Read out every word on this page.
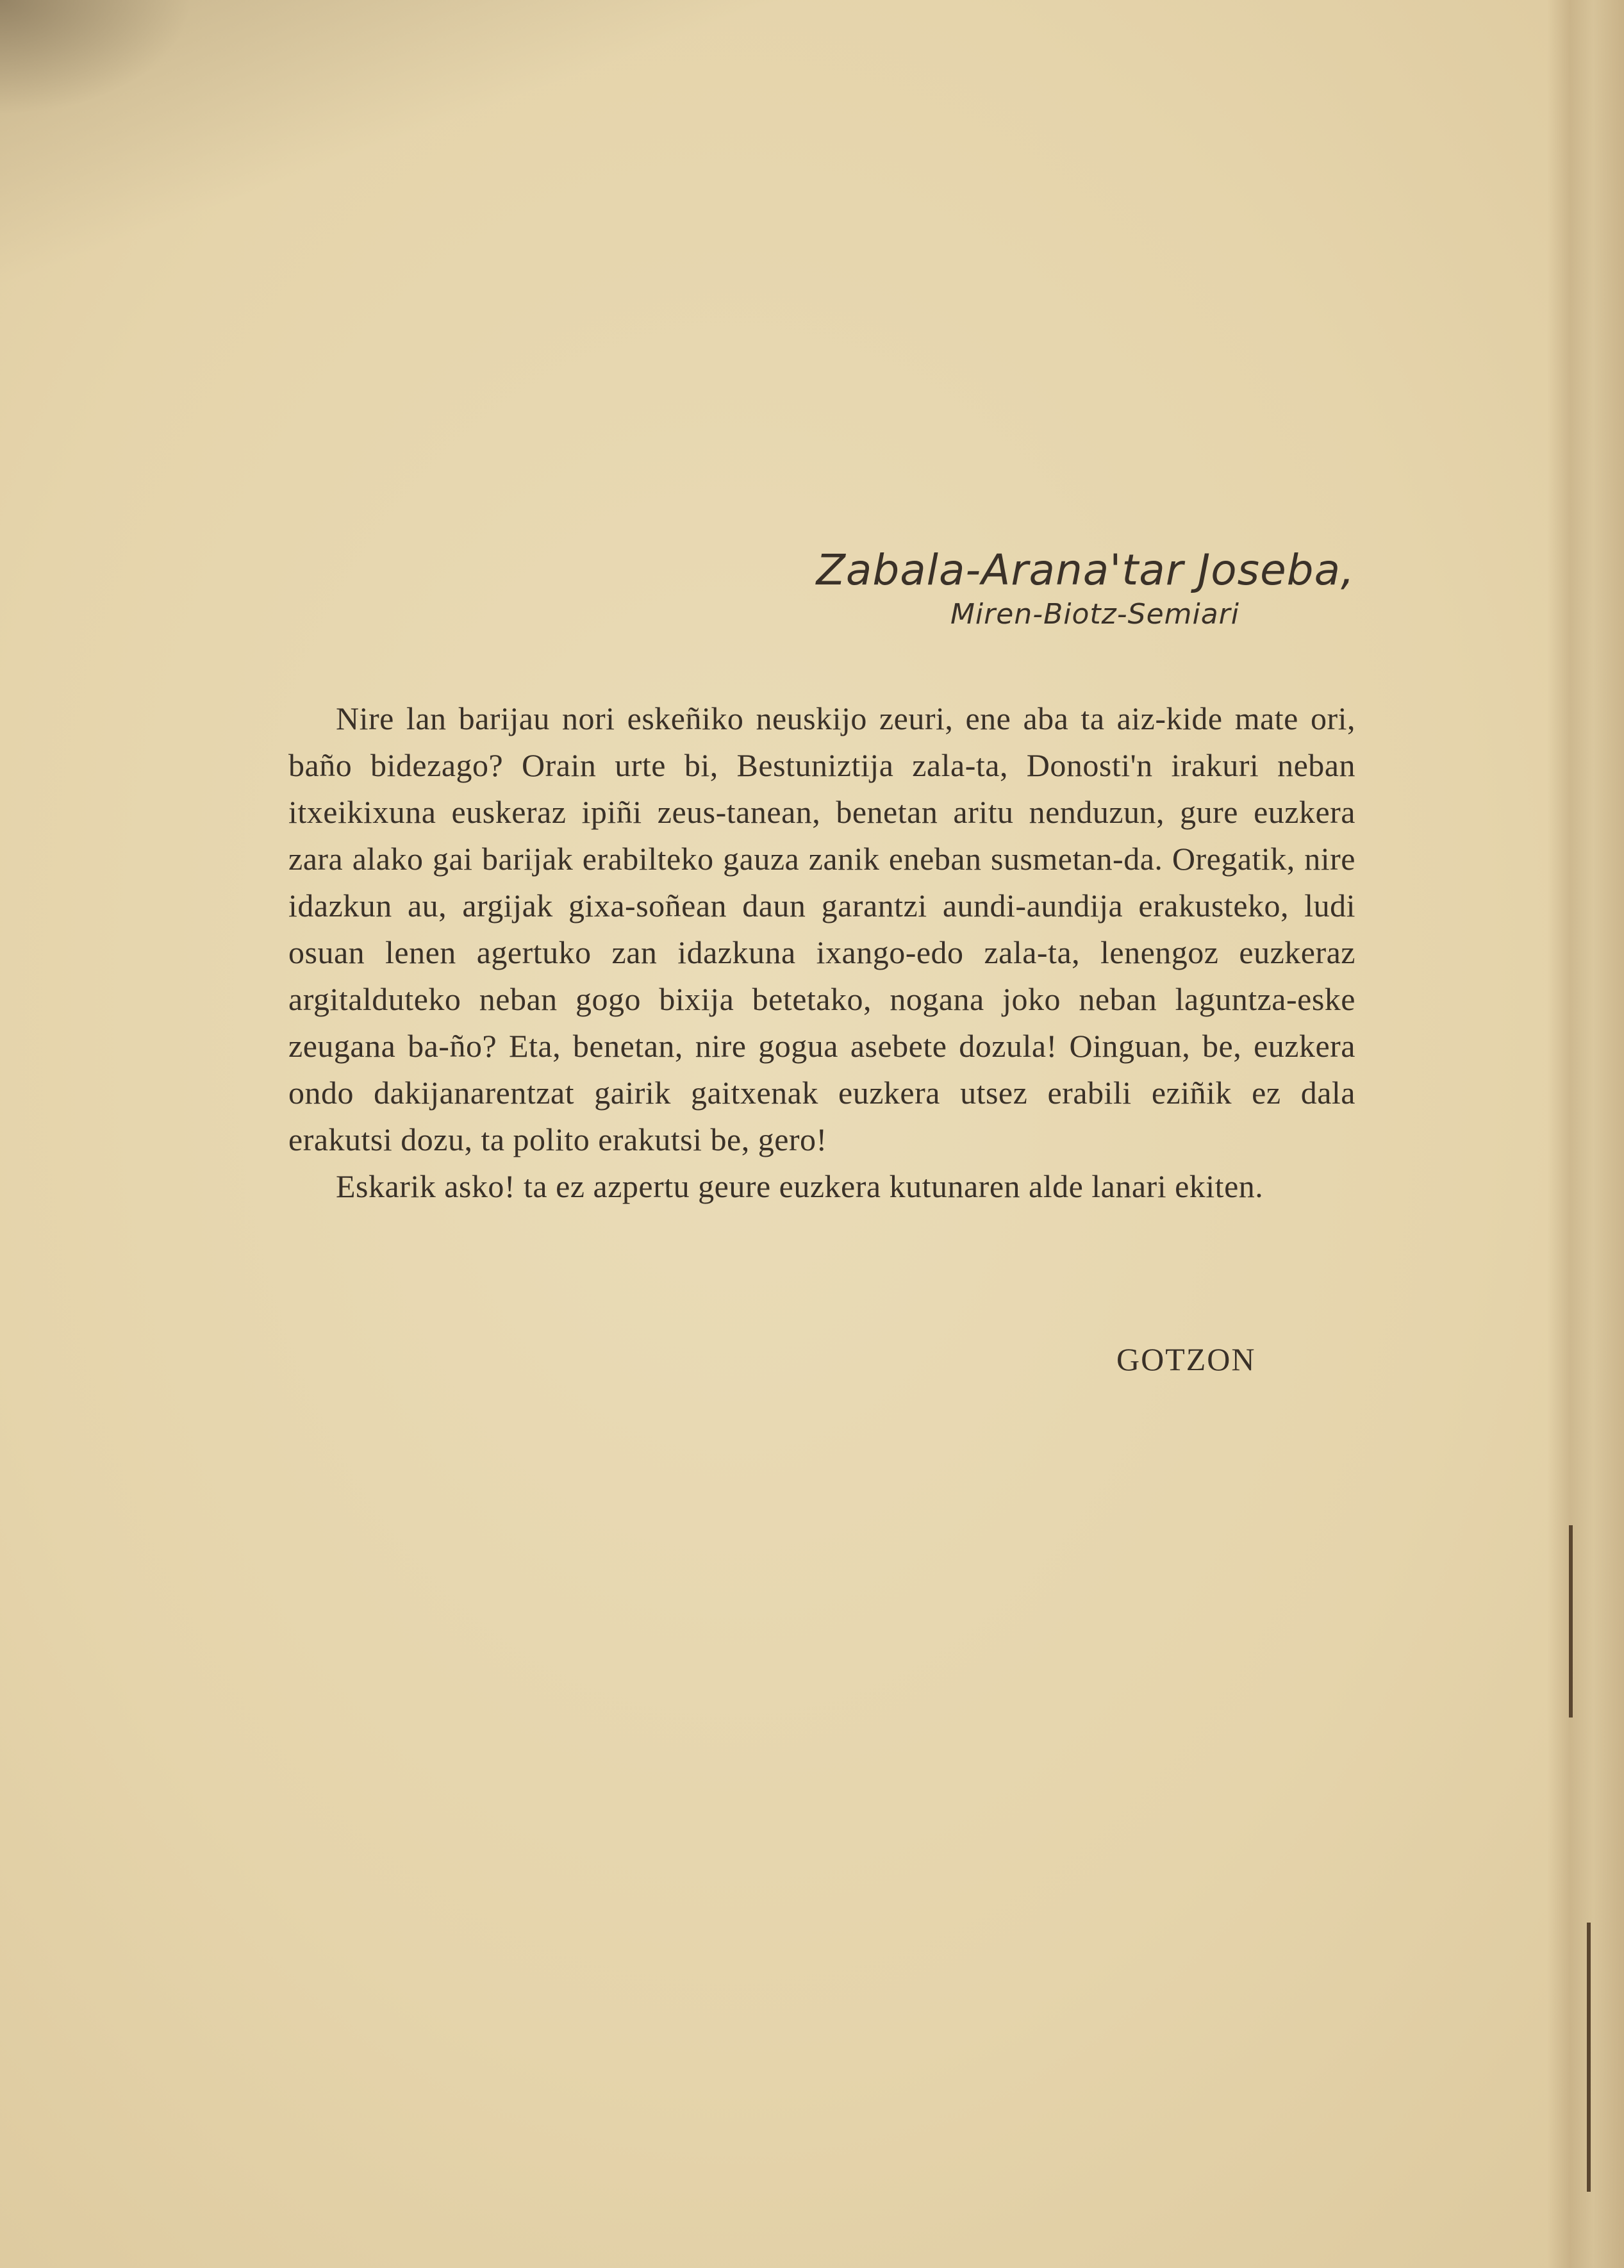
Zabala-Arana'tar Joseba,
Miren-Biotz-Semiari

Nire lan barijau nori eskeñiko neuskijo zeuri, ene aba ta aiz-kide mate ori, baño bidezago? Orain urte bi, Bestuniztija zala-ta, Donosti'n irakuri neban itxeikixuna euskeraz ipiñi zeus-tanean, benetan aritu nenduzun, gure euzkera zara alako gai barijak erabilteko gauza zanik eneban susmetan-da. Oregatik, nire idazkun au, argijak gixa-soñean daun garantzi aundi-aundija erakusteko, ludi osuan lenen agertuko zan idazkuna ixango-edo zala-ta, lenengoz euzkeraz argitalduteko neban gogo bixija betetako, nogana joko neban laguntza-eske zeugana ba-ño? Eta, benetan, nire gogua asebete dozula! Oinguan, be, euzkera ondo dakijanarentzat gairik gaitxenak euzkera utsez erabili eziñik ez dala erakutsi dozu, ta polito erakutsi be, gero!

Eskarik asko! ta ez azpertu geure euzkera kutunaren alde lanari ekiten.

GOTZON
